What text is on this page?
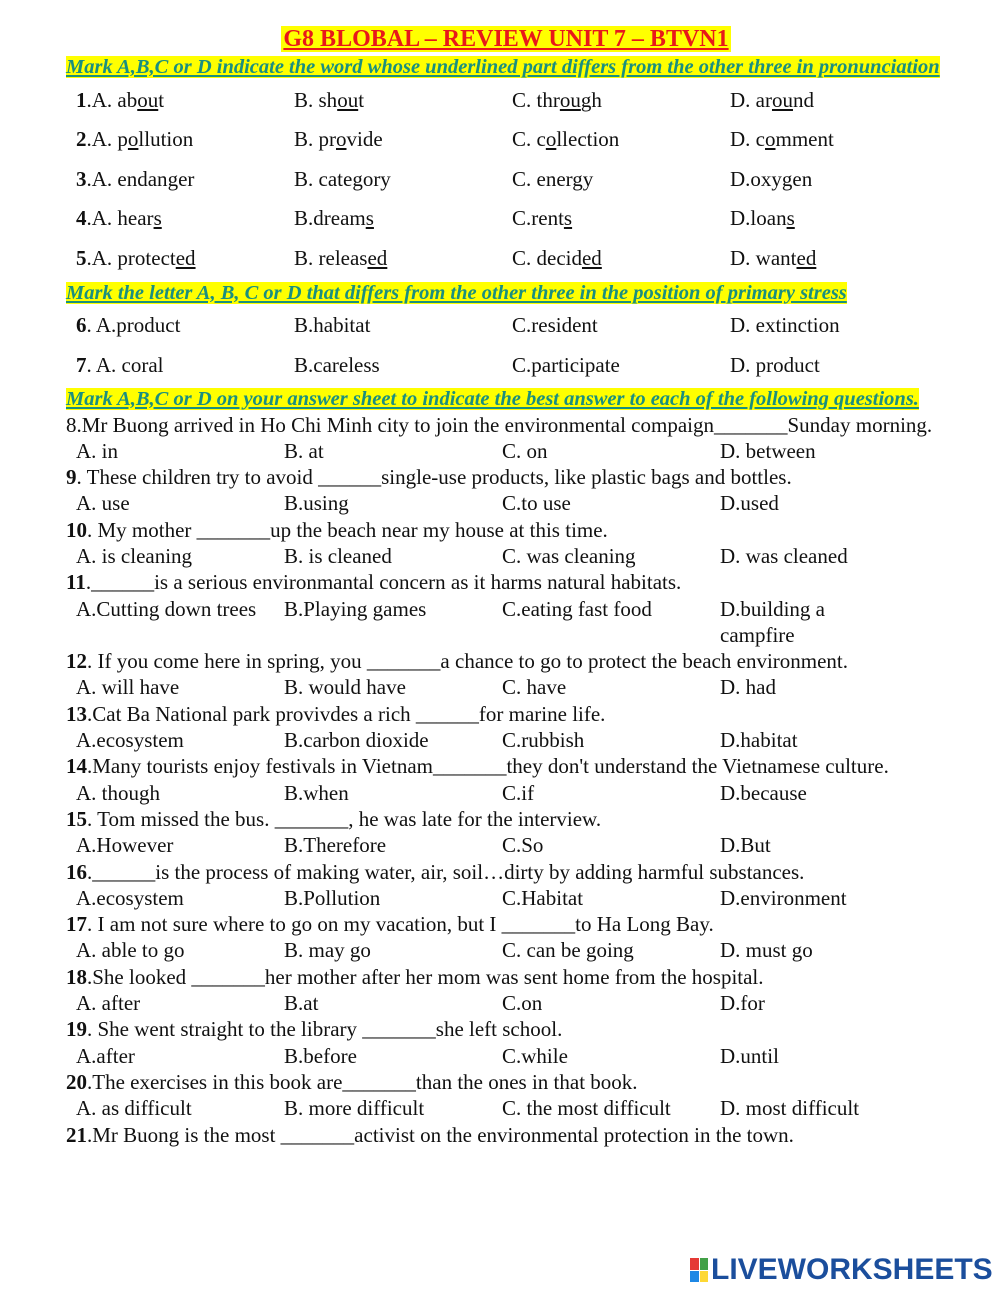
G8 BLOBAL – REVIEW UNIT 7 – BTVN1
Mark A,B,C or D indicate the word whose underlined part differs from the other three in pronunciation
1.A. about	B. shout	C. through	D. around
2.A. pollution	B. provide	C. collection	D. comment
3.A. endanger	B. category	C. energy	D.oxygen
4.A. hears	B.dreams	C.rents	D.loans
5.A. protected	B. released	C. decided	D. wanted
Mark the letter A, B, C or D that differs from the other three in the position of primary stress
6. A.product	B.habitat	C.resident	D. extinction
7. A. coral	B.careless	C.participate	D. product
Mark A,B,C or D on your answer sheet to indicate the best answer to each of the following questions.
8.Mr Buong arrived in Ho Chi Minh city to join the environmental compaign_______Sunday morning.
A. in	B. at	C. on	D. between
9. These children try to avoid ______single-use products, like plastic bags and bottles.
A. use	B.using	C.to use	D.used
10. My mother _______up the beach near my house at this time.
A. is cleaning	B. is cleaned	C. was cleaning	D. was cleaned
11.______is a serious environmantal concern as it harms natural habitats.
A.Cutting down trees	B.Playing games	C.eating fast food	D.building a campfire
12. If you come here in spring, you _______a chance to go to protect the beach environment.
A. will have	B. would have	C. have	D. had
13.Cat Ba National park provivdes a rich ______for marine life.
A.ecosystem	B.carbon dioxide	C.rubbish	D.habitat
14.Many tourists enjoy festivals in Vietnam_______they don't understand the Vietnamese culture.
A. though	B.when	C.if	D.because
15. Tom missed the bus. _______, he was late for the interview.
A.However	B.Therefore	C.So	D.But
16.______is the process of making water, air, soil…dirty by adding harmful substances.
A.ecosystem	B.Pollution	C.Habitat	D.environment
17. I am not sure where to go on my vacation, but I _______to Ha Long Bay.
A. able to go	B. may go	C. can be going	D. must go
18.She looked _______her mother after her mom was sent home from the hospital.
A. after	B.at	C.on	D.for
19. She went straight to the library _______she left school.
A.after	B.before	C.while	D.until
20.The exercises in this book are_______than the ones in that book.
A. as difficult	B. more difficult	C. the most difficult	D. most difficult
21.Mr Buong is the most _______activist on the environmental protection in the town.
LIVEWORKSHEETS
